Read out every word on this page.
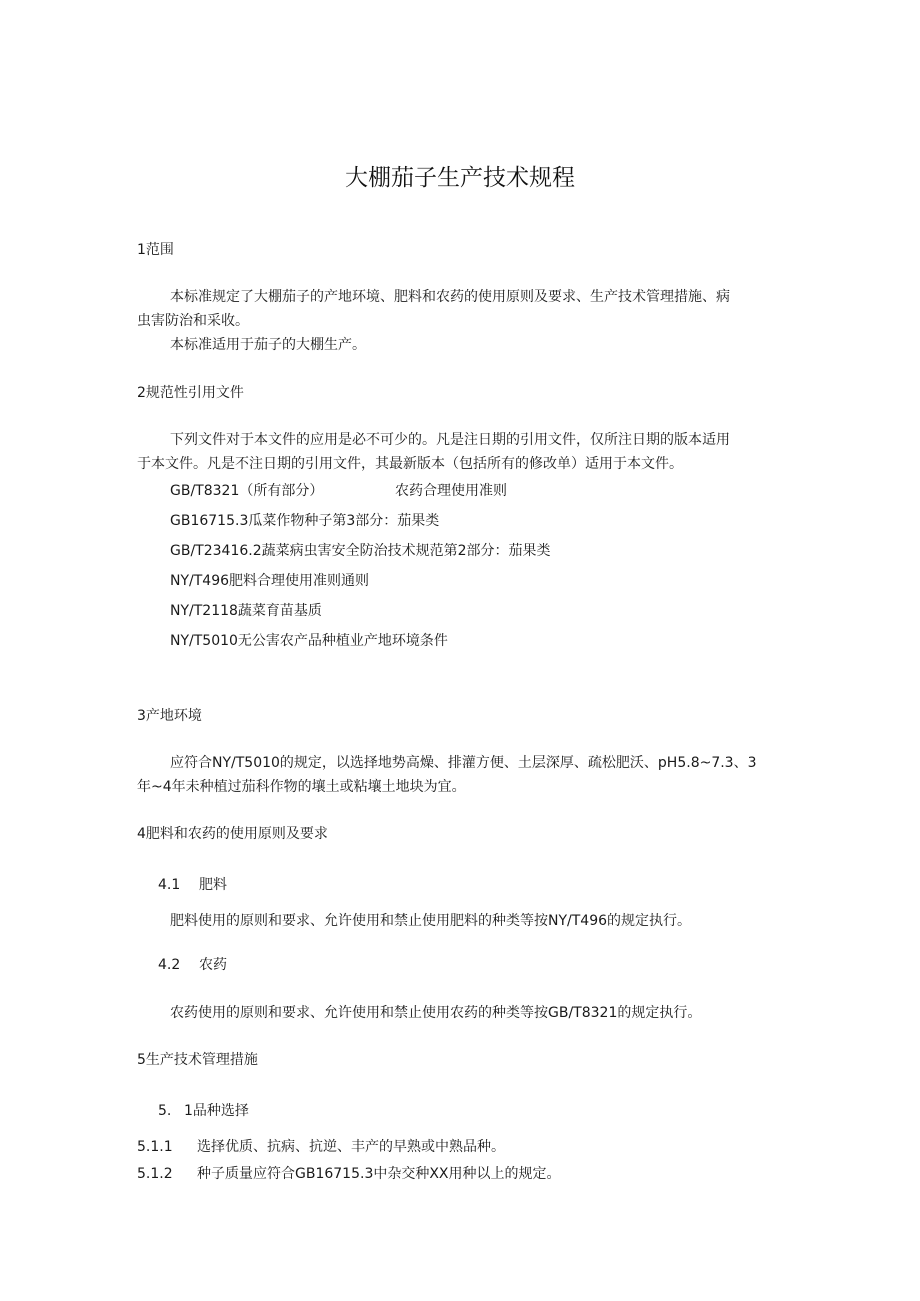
大棚茄子生产技术规程
1范围
本标准规定了大棚茄子的产地环境、肥料和农药的使用原则及要求、生产技术管理措施、病
虫害防治和采收。
本标准适用于茄子的大棚生产。
2规范性引用文件
下列文件对于本文件的应用是必不可少的。凡是注日期的引用文件，仅所注日期的版本适用
于本文件。凡是不注日期的引用文件，其最新版本（包括所有的修改单）适用于本文件。
GB/T8321（所有部分）	农药合理使用准则
GB16715.3瓜菜作物种子第3部分：茄果类
GB/T23416.2蔬菜病虫害安全防治技术规范第2部分：茄果类
NY/T496肥料合理使用准则通则
NY/T2118蔬菜育苗基质
NY/T5010无公害农产品种植业产地环境条件
3产地环境
应符合NY/T5010的规定，以选择地势高燥、排灌方便、土层深厚、疏松肥沃、pH5.8~7.3、3
年~4年未种植过茄科作物的壤土或粘壤土地块为宜。
4肥料和农药的使用原则及要求
4.1 肥料
肥料使用的原则和要求、允许使用和禁止使用肥料的种类等按NY/T496的规定执行。
4.2 农药
农药使用的原则和要求、允许使用和禁止使用农药的种类等按GB/T8321的规定执行。
5生产技术管理措施
5. 1品种选择
5.1.1 选择优质、抗病、抗逆、丰产的早熟或中熟品种。
5.1.2 种子质量应符合GB16715.3中杂交种XX用种以上的规定。
